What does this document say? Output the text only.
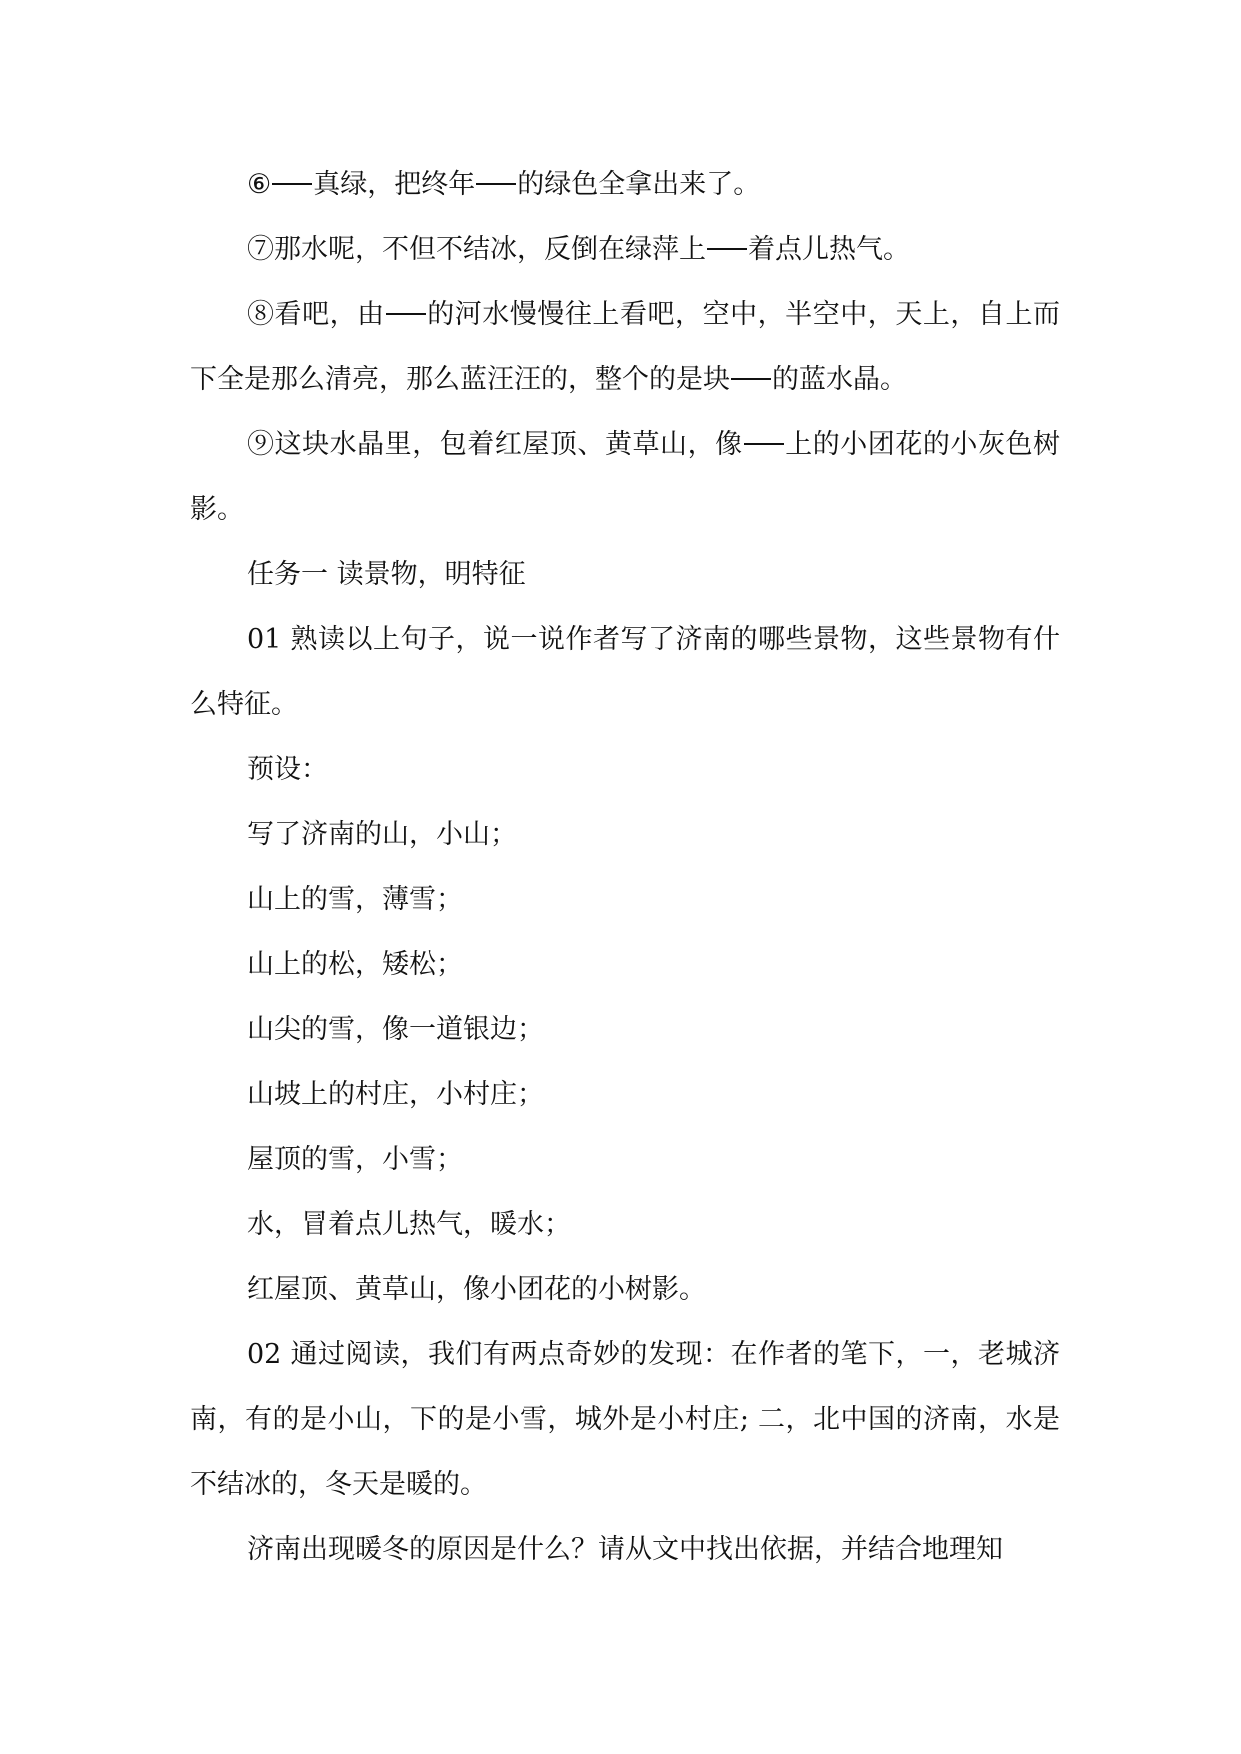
⑥ 真绿，把终年 的绿色全拿出来了。

⑦那水呢，不但不结冰，反倒在绿萍上 着点儿热气。

⑧看吧，由 的河水慢慢往上看吧，空中，半空中，天上，自上而下全是那么清亮，那么蓝汪汪的，整个的是块 的蓝水晶。

⑨这块水晶里，包着红屋顶、黄草山，像 上的小团花的小灰色树影。

任务一 读景物，明特征

01 熟读以上句子，说一说作者写了济南的哪些景物，这些景物有什么特征。

预设：

写了济南的山，小山；

山上的雪，薄雪；

山上的松，矮松；

山尖的雪，像一道银边；

山坡上的村庄，小村庄；

屋顶的雪，小雪；

水，冒着点儿热气，暖水；

红屋顶、黄草山，像小团花的小树影。

02 通过阅读，我们有两点奇妙的发现：在作者的笔下，一，老城济南，有的是小山，下的是小雪，城外是小村庄; 二，北中国的济南，水是不结冰的，冬天是暖的。

济南出现暖冬的原因是什么？请从文中找出依据，并结合地理知
